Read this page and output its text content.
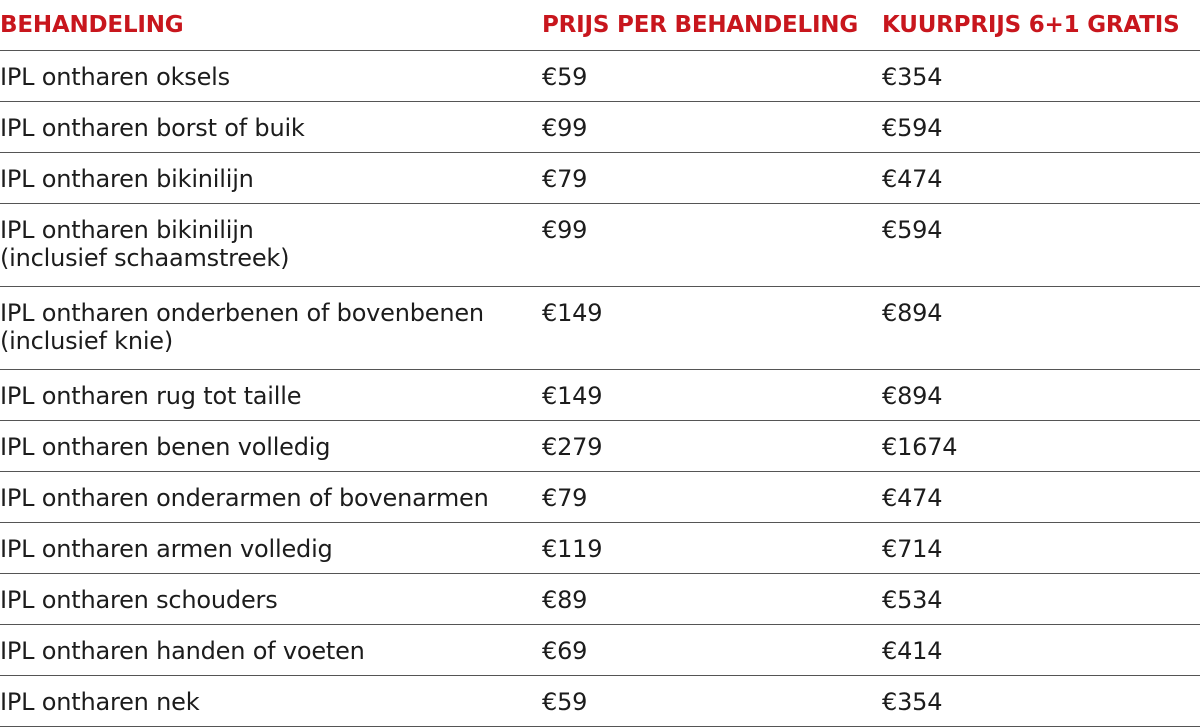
BEHANDELING	PRIJS PER BEHANDELING	KUURPRIJS 6+1 GRATIS

IPL ontharen oksels	€59	€354

IPL ontharen borst of buik	€99	€594

IPL ontharen bikinilijn	€79	€474

IPL ontharen bikinilijn
(inclusief schaamstreek)	€99	€594

IPL ontharen onderbenen of bovenbenen
(inclusief knie)	€149	€894

IPL ontharen rug tot taille	€149	€894

IPL ontharen benen volledig	€279	€1674

IPL ontharen onderarmen of bovenarmen	€79	€474

IPL ontharen armen volledig	€119	€714

IPL ontharen schouders	€89	€534

IPL ontharen handen of voeten	€69	€414

IPL ontharen nek	€59	€354
